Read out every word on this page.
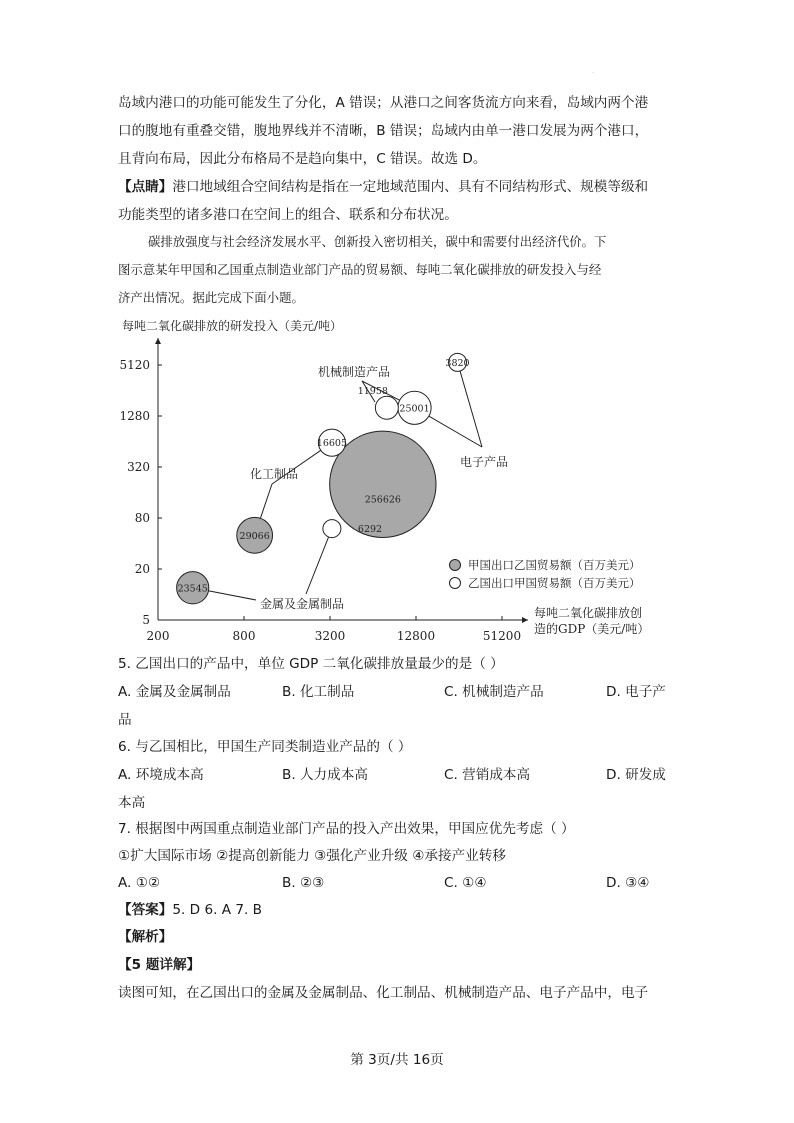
·
岛域内港口的功能可能发生了分化，A 错误；从港口之间客货流方向来看，岛域内两个港
口的腹地有重叠交错，腹地界线并不清晰，B 错误；岛域内由单一港口发展为两个港口，
且背向布局，因此分布格局不是趋向集中，C 错误。故选 D。
【点睛】港口地域组合空间结构是指在一定地域范围内、具有不同结构形式、规模等级和
功能类型的诸多港口在空间上的组合、联系和分布状况。
碳排放强度与社会经济发展水平、创新投入密切相关，碳中和需要付出经济代价。下
图示意某年甲国和乙国重点制造业部门产品的贸易额、每吨二氧化碳排放的研发投入与经
济产出情况。据此完成下面小题。
每吨二氧化碳排放的研发投入（美元/吨）
200	800	3200	12800	51200
5
20
80
320
1280
5120
256626
29066
25001
23545
16605
11958
6292
3820
机械制造产品
化工制品
电子产品
金属及金属制品
每吨二氧化碳排放创
造的GDP（美元/吨）
甲国出口乙国贸易额（百万美元）
乙国出口甲国贸易额（百万美元）
5. 乙国出口的产品中，单位 GDP 二氧化碳排放量最少的是（ ）
A. 金属及金属制品	B. 化工制品	C. 机械制造产品	D. 电子产
品
6. 与乙国相比，甲国生产同类制造业产品的（ ）
A. 环境成本高	B. 人力成本高	C. 营销成本高	D. 研发成
本高
7. 根据图中两国重点制造业部门产品的投入产出效果，甲国应优先考虑（ ）
①扩大国际市场 ②提高创新能力 ③强化产业升级 ④承接产业转移
A. ①②	B. ②③	C. ①④	D. ③④
【答案】5. D 6. A 7. B
【解析】
【5 题详解】
读图可知，在乙国出口的金属及金属制品、化工制品、机械制造产品、电子产品中，电子
第 3页/共 16页
